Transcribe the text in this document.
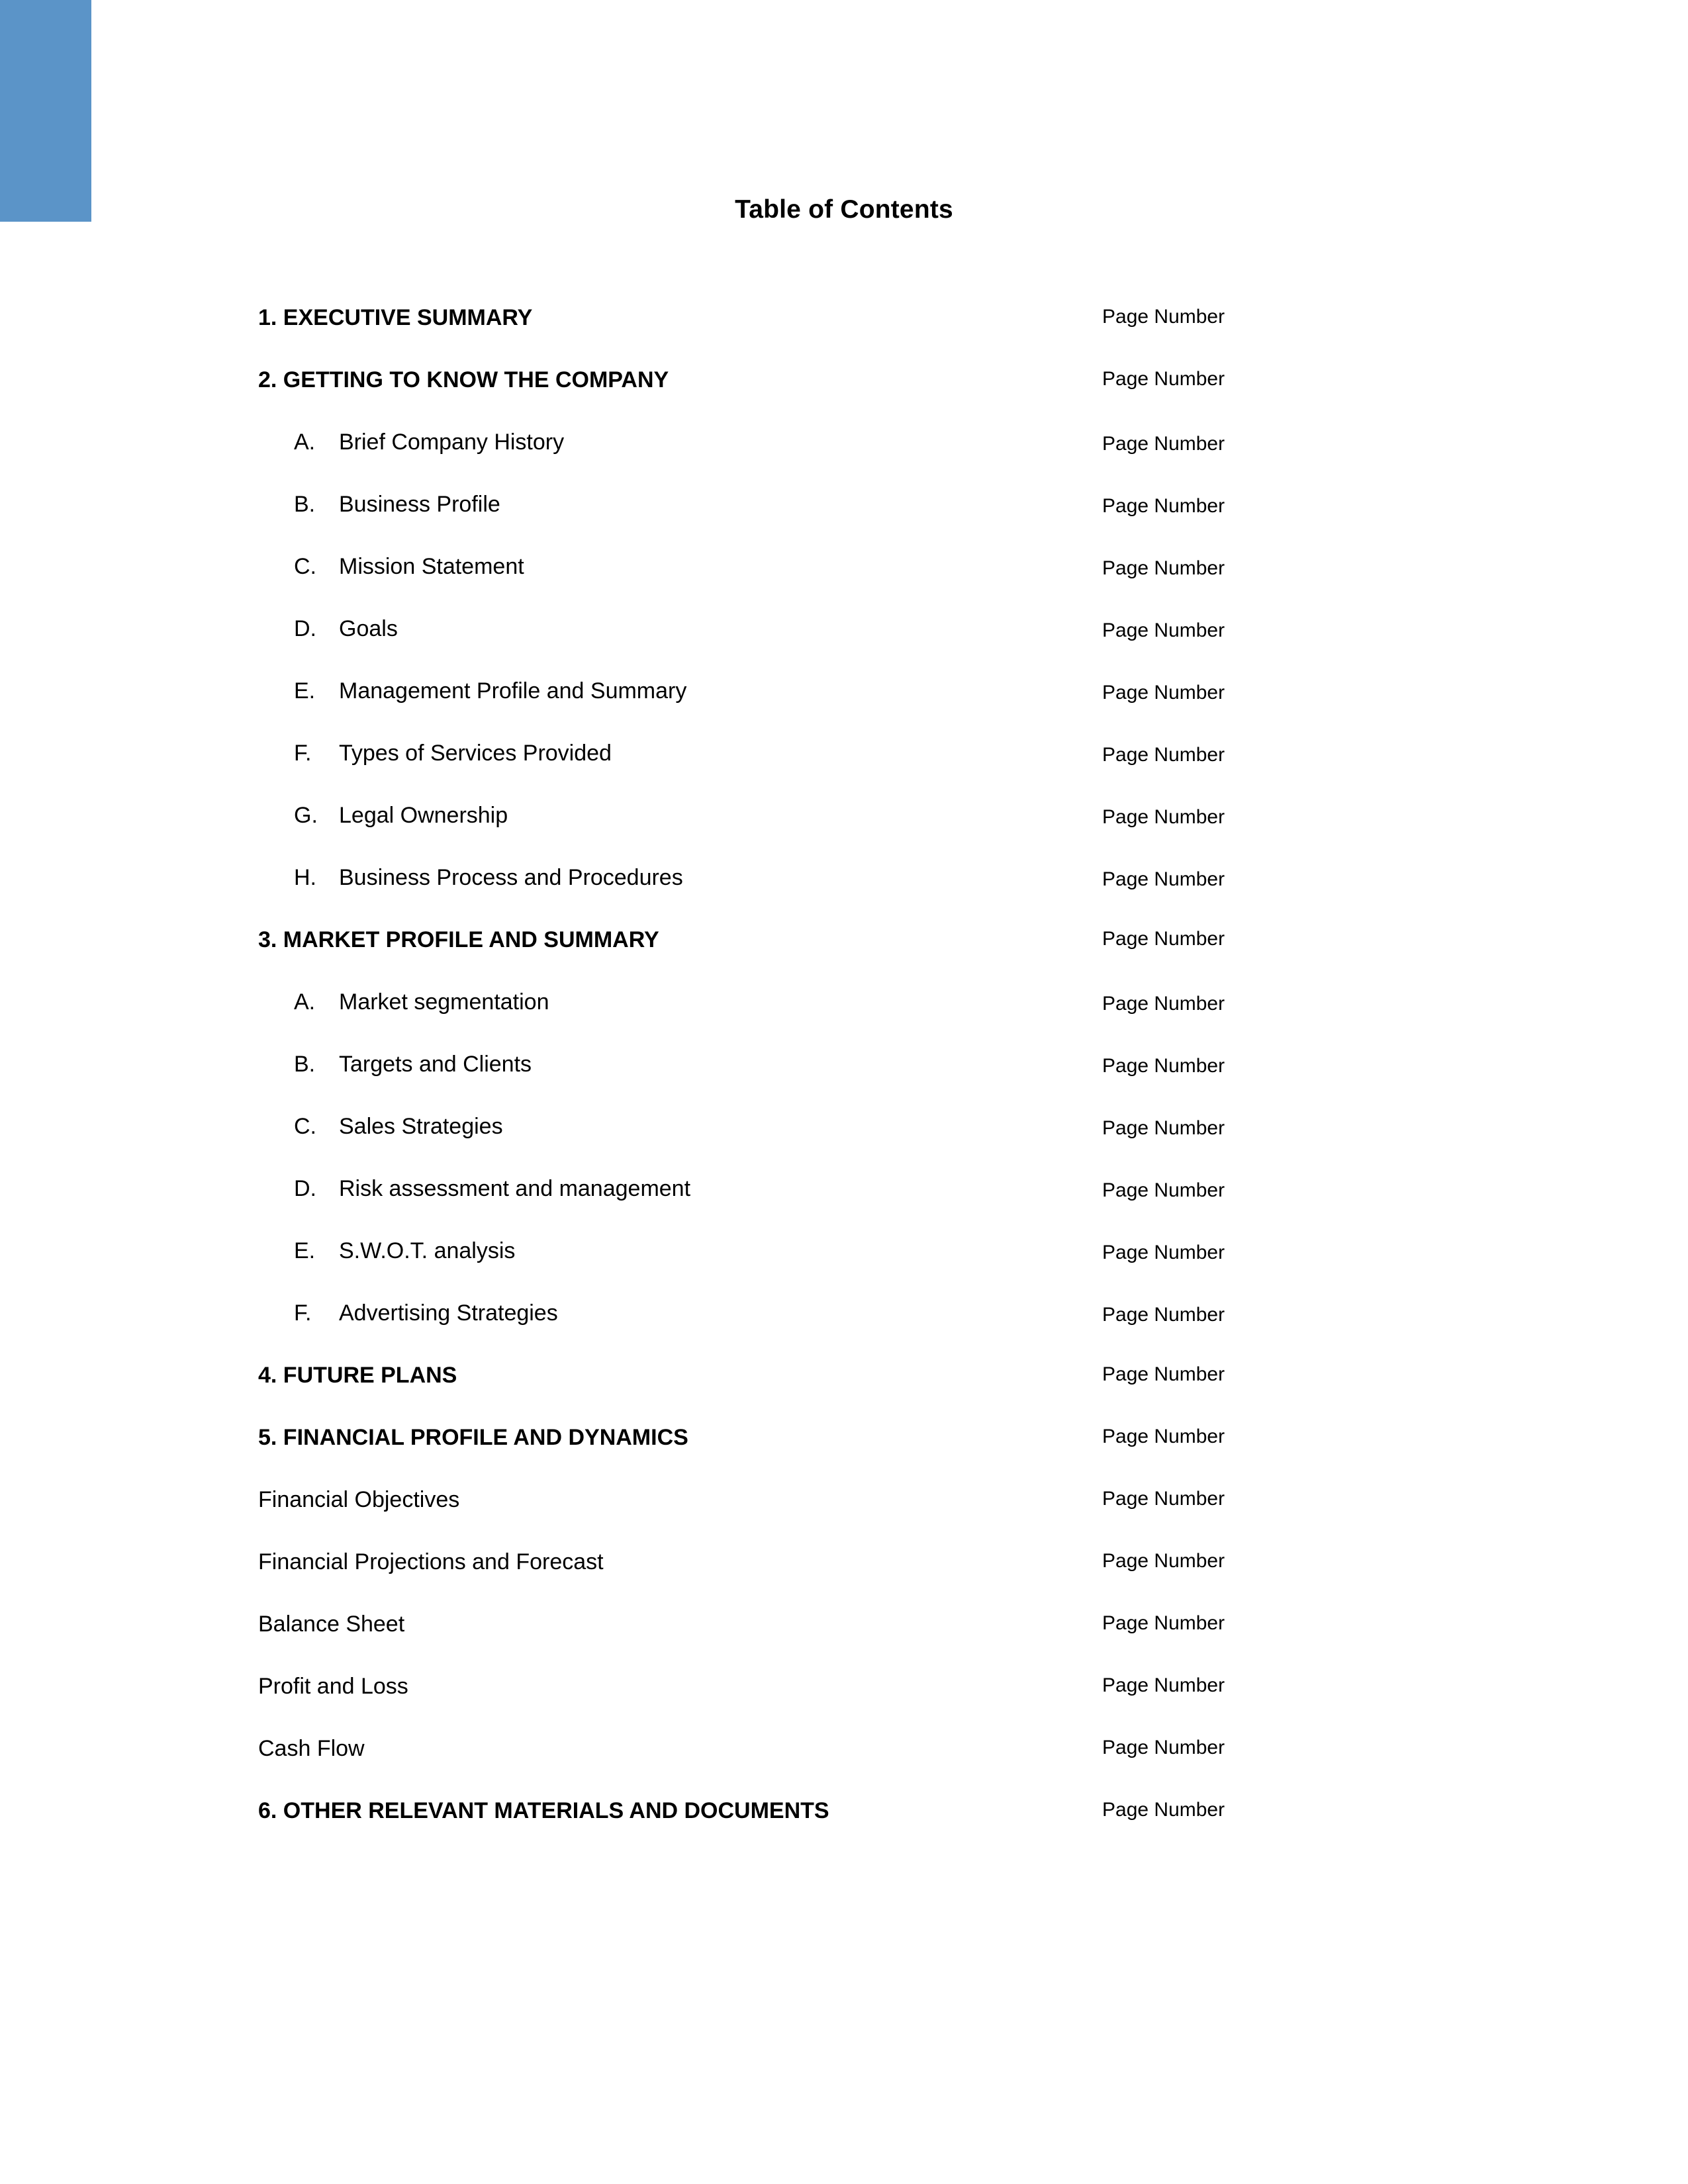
Table of Contents
1. EXECUTIVE SUMMARY	Page Number
2. GETTING TO KNOW THE COMPANY	Page Number
A.	Brief Company History	Page Number
B.	Business Profile	Page Number
C.	Mission Statement	Page Number
D.	Goals	Page Number
E.	Management Profile and Summary	Page Number
F.	Types of Services Provided	Page Number
G. Legal Ownership	Page Number
H.	Business Process and Procedures	Page Number
3. MARKET PROFILE AND SUMMARY	Page Number
A.	Market segmentation	Page Number
B.	Targets and Clients	Page Number
C.	Sales Strategies	Page Number
D.	Risk assessment and management	Page Number
E.	S.W.O.T. analysis	Page Number
F.	Advertising Strategies	Page Number
4. FUTURE PLANS	Page Number
5. FINANCIAL PROFILE AND DYNAMICS	Page Number
Financial Objectives	Page Number
Financial Projections and Forecast	Page Number
Balance Sheet	Page Number
Profit and Loss	Page Number
Cash Flow	Page Number
6. OTHER RELEVANT MATERIALS AND DOCUMENTS	Page Number
